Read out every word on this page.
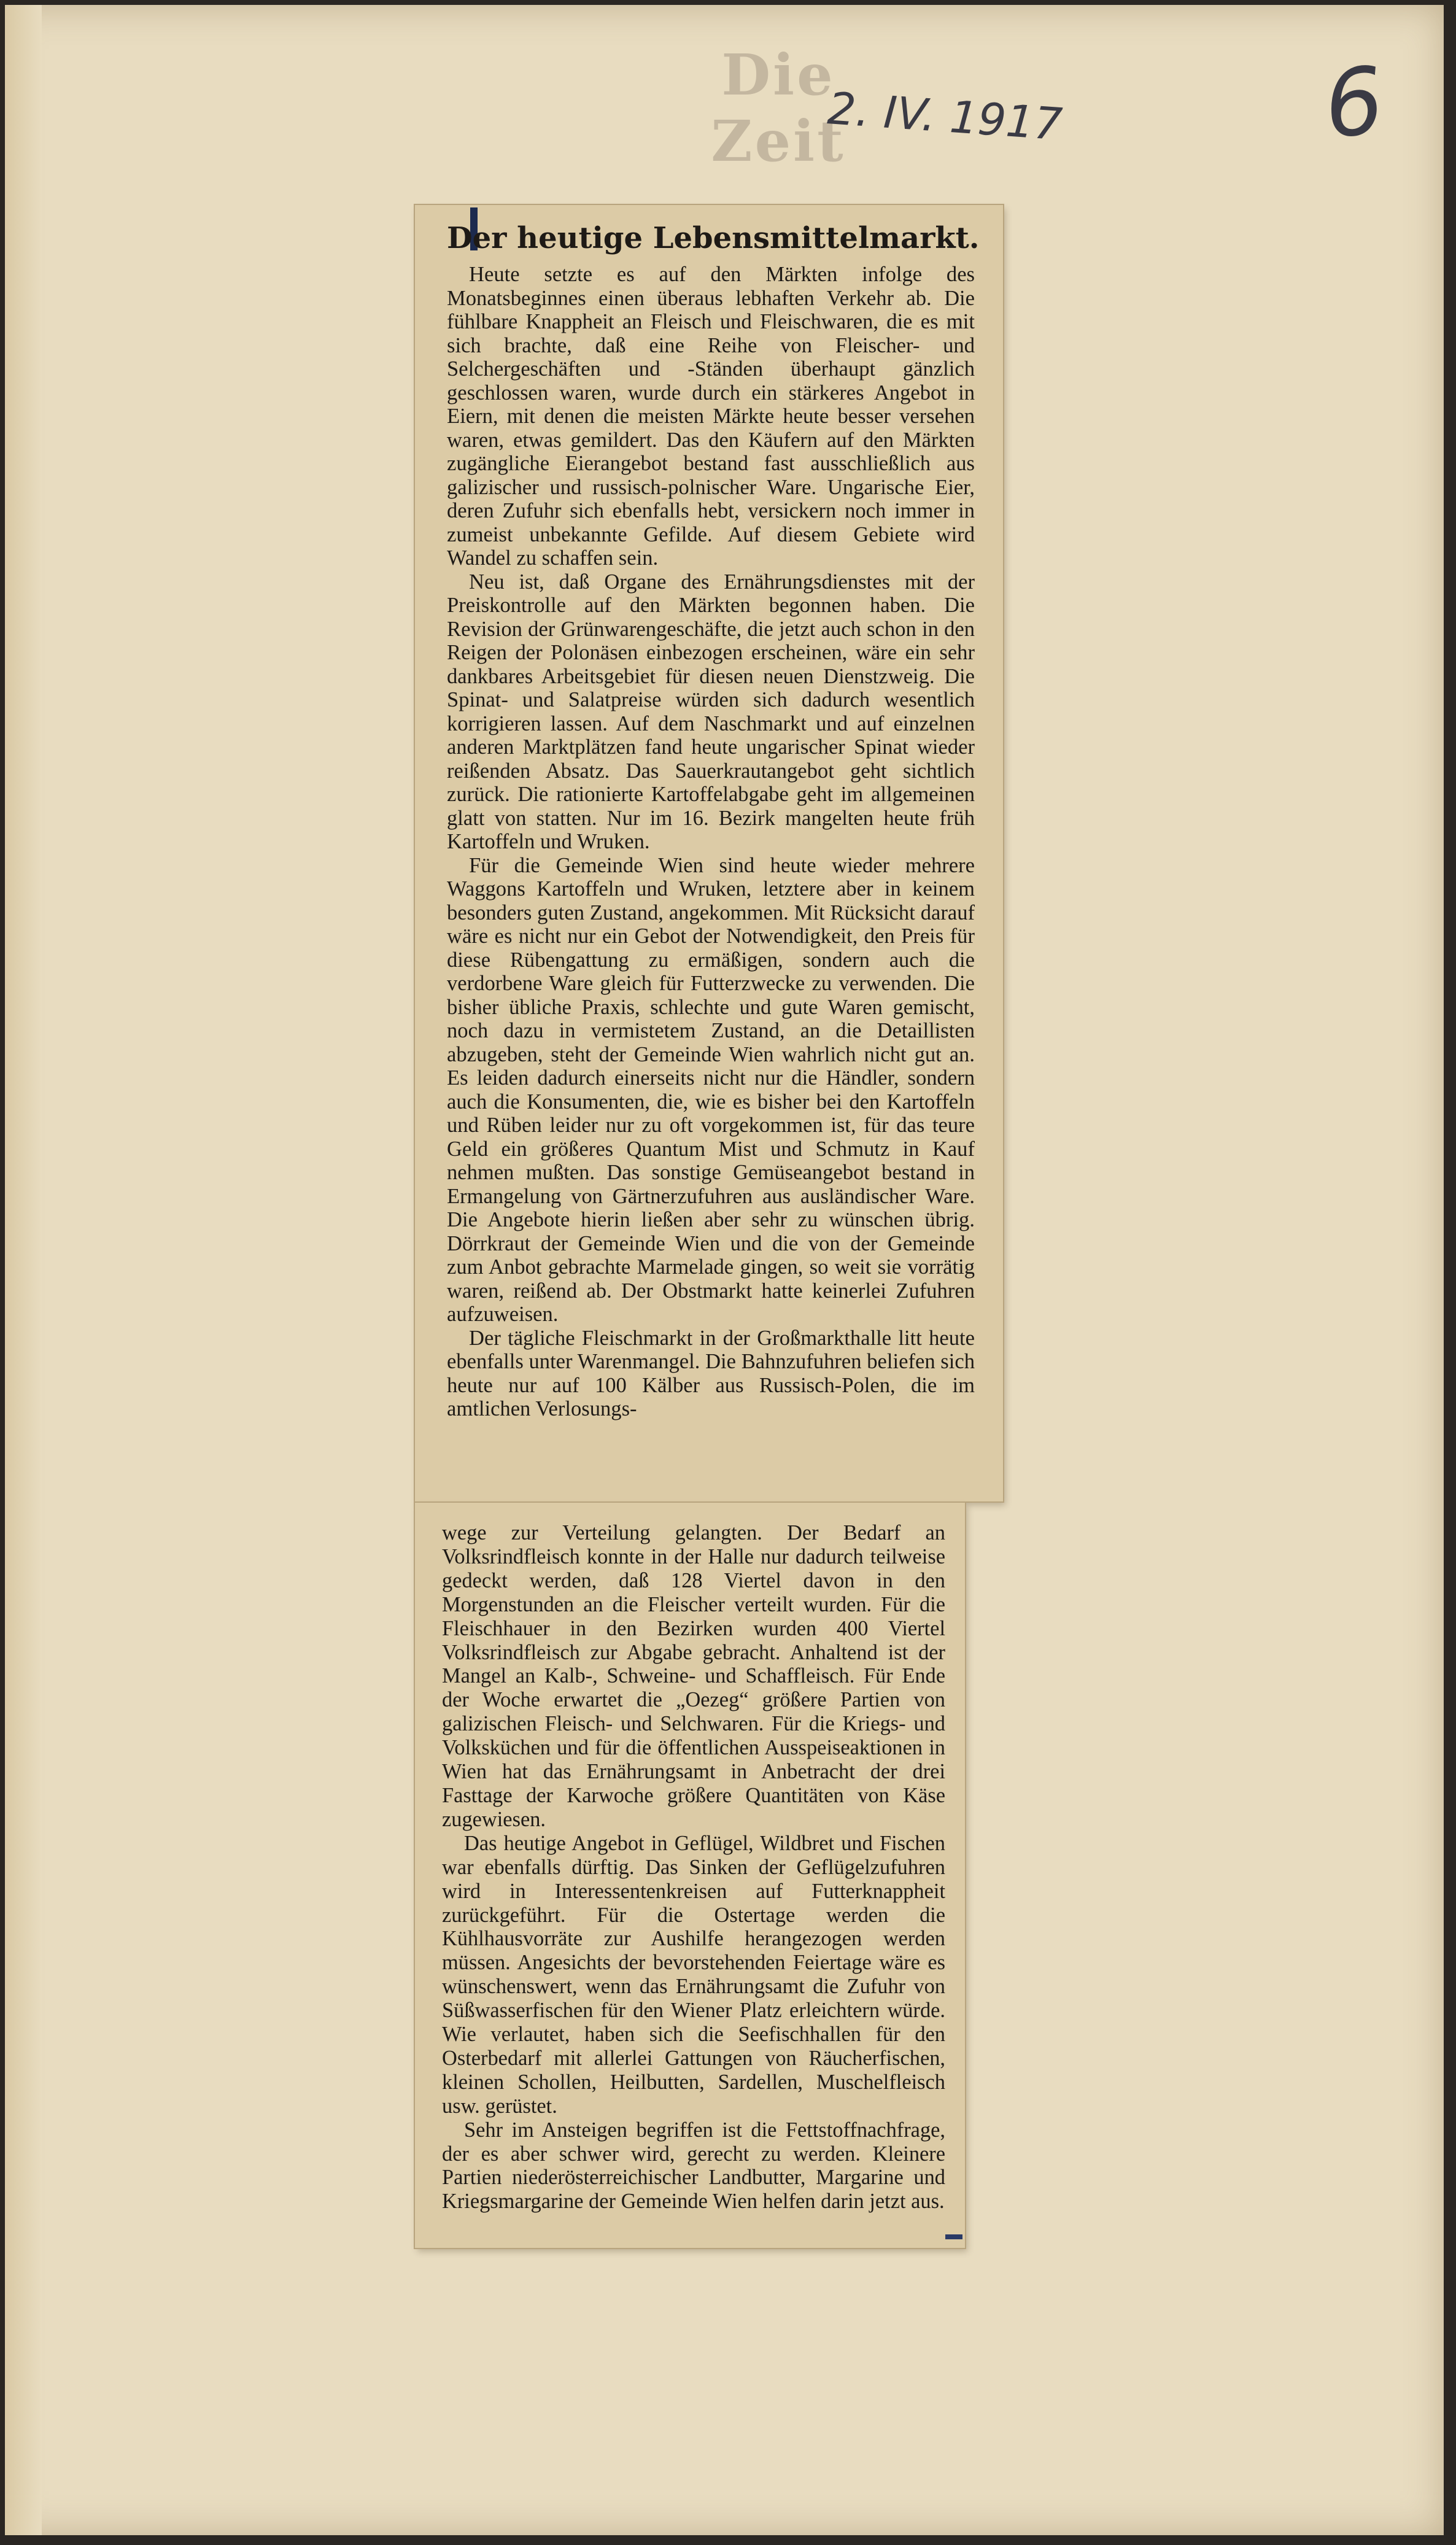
Die Zeit
2. IV. 1917	6
Der heutige Lebensmittelmarkt.

Heute setzte es auf den Märkten infolge des Monatsbeginnes einen überaus lebhaften Verkehr ab. Die fühlbare Knappheit an Fleisch und Fleischwaren, die es mit sich brachte, daß eine Reihe von Fleischer- und Selchergeschäften und -Ständen überhaupt gänzlich geschlossen waren, wurde durch ein stärkeres Angebot in Eiern, mit denen die meisten Märkte heute besser versehen waren, etwas gemildert. Das den Käufern auf den Märkten zugängliche Eierangebot bestand fast ausschließlich aus galizischer und russisch-polnischer Ware. Ungarische Eier, deren Zufuhr sich ebenfalls hebt, versickern noch immer in zumeist unbekannte Gefilde. Auf diesem Gebiete wird Wandel zu schaffen sein.

Neu ist, daß Organe des Ernährungsdienstes mit der Preiskontrolle auf den Märkten begonnen haben. Die Revision der Grünwarengeschäfte, die jetzt auch schon in den Reigen der Polonäsen einbezogen erscheinen, wäre ein sehr dankbares Arbeitsgebiet für diesen neuen Dienstzweig. Die Spinat- und Salatpreise würden sich dadurch wesentlich korrigieren lassen. Auf dem Naschmarkt und auf einzelnen anderen Marktplätzen fand heute ungarischer Spinat wieder reißenden Absatz. Das Sauerkrautangebot geht sichtlich zurück. Die rationierte Kartoffelabgabe geht im allgemeinen glatt von statten. Nur im 16. Bezirk mangelten heute früh Kartoffeln und Wruken.

Für die Gemeinde Wien sind heute wieder mehrere Waggons Kartoffeln und Wruken, letztere aber in keinem besonders guten Zustand, angekommen. Mit Rücksicht darauf wäre es nicht nur ein Gebot der Notwendigkeit, den Preis für diese Rübengattung zu ermäßigen, sondern auch die verdorbene Ware gleich für Futterzwecke zu verwenden. Die bisher übliche Praxis, schlechte und gute Waren gemischt, noch dazu in vermistetem Zustand, an die Detaillisten abzugeben, steht der Gemeinde Wien wahrlich nicht gut an. Es leiden dadurch einerseits nicht nur die Händler, sondern auch die Konsumenten, die, wie es bisher bei den Kartoffeln und Rüben leider nur zu oft vorgekommen ist, für das teure Geld ein größeres Quantum Mist und Schmutz in Kauf nehmen mußten. Das sonstige Gemüseangebot bestand in Ermangelung von Gärtnerzufuhren aus ausländischer Ware. Die Angebote hierin ließen aber sehr zu wünschen übrig. Dörrkraut der Gemeinde Wien und die von der Gemeinde zum Anbot gebrachte Marmelade gingen, so weit sie vorrätig waren, reißend ab. Der Obstmarkt hatte keinerlei Zufuhren aufzuweisen.

Der tägliche Fleischmarkt in der Großmarkthalle litt heute ebenfalls unter Warenmangel. Die Bahnzufuhren beliefen sich heute nur auf 100 Kälber aus Russisch-Polen, die im amtlichen Verlosungs-

wege zur Verteilung gelangten. Der Bedarf an Volksrindfleisch konnte in der Halle nur dadurch teilweise gedeckt werden, daß 128 Viertel davon in den Morgenstunden an die Fleischer verteilt wurden. Für die Fleischhauer in den Bezirken wurden 400 Viertel Volksrindfleisch zur Abgabe gebracht. Anhaltend ist der Mangel an Kalb-, Schweine- und Schaffleisch. Für Ende der Woche erwartet die „Oezeg“ größere Partien von galizischen Fleisch- und Selchwaren. Für die Kriegs- und Volksküchen und für die öffentlichen Ausspeiseaktionen in Wien hat das Ernährungsamt in Anbetracht der drei Fasttage der Karwoche größere Quantitäten von Käse zugewiesen.

Das heutige Angebot in Geflügel, Wildbret und Fischen war ebenfalls dürftig. Das Sinken der Geflügelzufuhren wird in Interessentenkreisen auf Futterknappheit zurückgeführt. Für die Ostertage werden die Kühlhausvorräte zur Aushilfe herangezogen werden müssen. Angesichts der bevorstehenden Feiertage wäre es wünschenswert, wenn das Ernährungsamt die Zufuhr von Süßwasserfischen für den Wiener Platz erleichtern würde. Wie verlautet, haben sich die Seefischhallen für den Osterbedarf mit allerlei Gattungen von Räucherfischen, kleinen Schollen, Heilbutten, Sardellen, Muschelfleisch usw. gerüstet.

Sehr im Ansteigen begriffen ist die Fettstoffnachfrage, der es aber schwer wird, gerecht zu werden. Kleinere Partien niederösterreichischer Landbutter, Margarine und Kriegsmargarine der Gemeinde Wien helfen darin jetzt aus.
